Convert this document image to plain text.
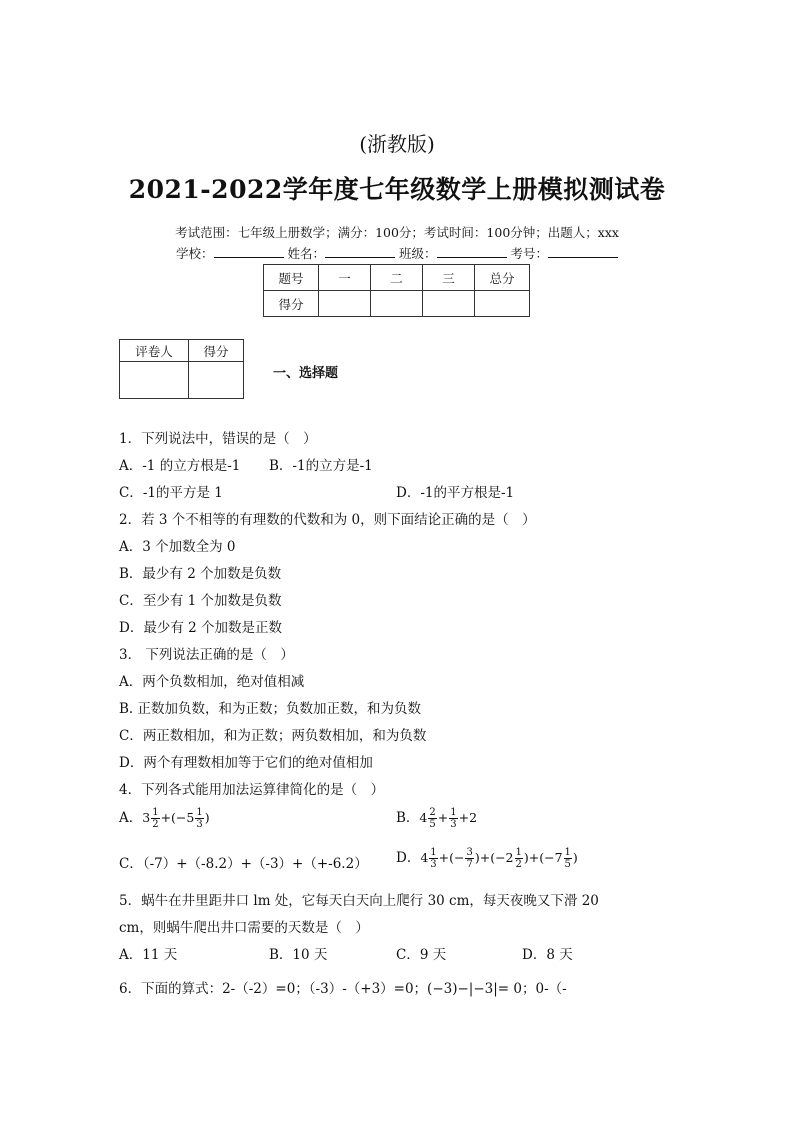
(浙教版)
2021-2022学年度七年级数学上册模拟测试卷
考试范围：七年级上册数学；满分：100分；考试时间：100分钟；出题人；xxx
学校：	姓名：	班级：	考号：
题号	一	二	三	总分
得分				
评卷人	得分

一、选择题
1．下列说法中，错误的是（　）
A．-1 的立方根是-1 B．-1的立方是-1
C．-1的平方是 1	D．-1的平方根是-1
2．若 3 个不相等的有理数的代数和为 0，则下面结论正确的是（　）
A．3 个加数全为 0
B．最少有 2 个加数是负数
C．至少有 1 个加数是负数
D．最少有 2 个加数是正数
3． 下列说法正确的是（　）
A．两个负数相加，绝对值相减
B. 正数加负数，和为正数；负数加正数，和为负数
C．两正数相加，和为正数；两负数相加，和为负数
D．两个有理数相加等于它们的绝对值相加
4．下列各式能用加法运算律简化的是（　）
A．$3 \frac{1}{2} +(-5 \frac{1}{3}$ )	B．$4 \frac{2}{5} + \frac{1}{3} +2$
C．（-7）+（-8.2）+（-3）+（+-6.2） D．$4 \frac{1}{3}$ +(− $\frac{3}{7} )+(-2 \frac{1}{2} )+(-7 \frac{1}{5}$ )
5．蜗牛在井里距井口 lm 处，它每天白天向上爬行 30 cm，每天夜晚又下滑 20
cm，则蜗牛爬出井口需要的天数是（　）
A．11 天	B．10 天	C．9 天	D．8 天
6．下面的算式：2-（-2）=0；（-3）-（+3）=0；(−3)−|−3|= 0；0-（-
